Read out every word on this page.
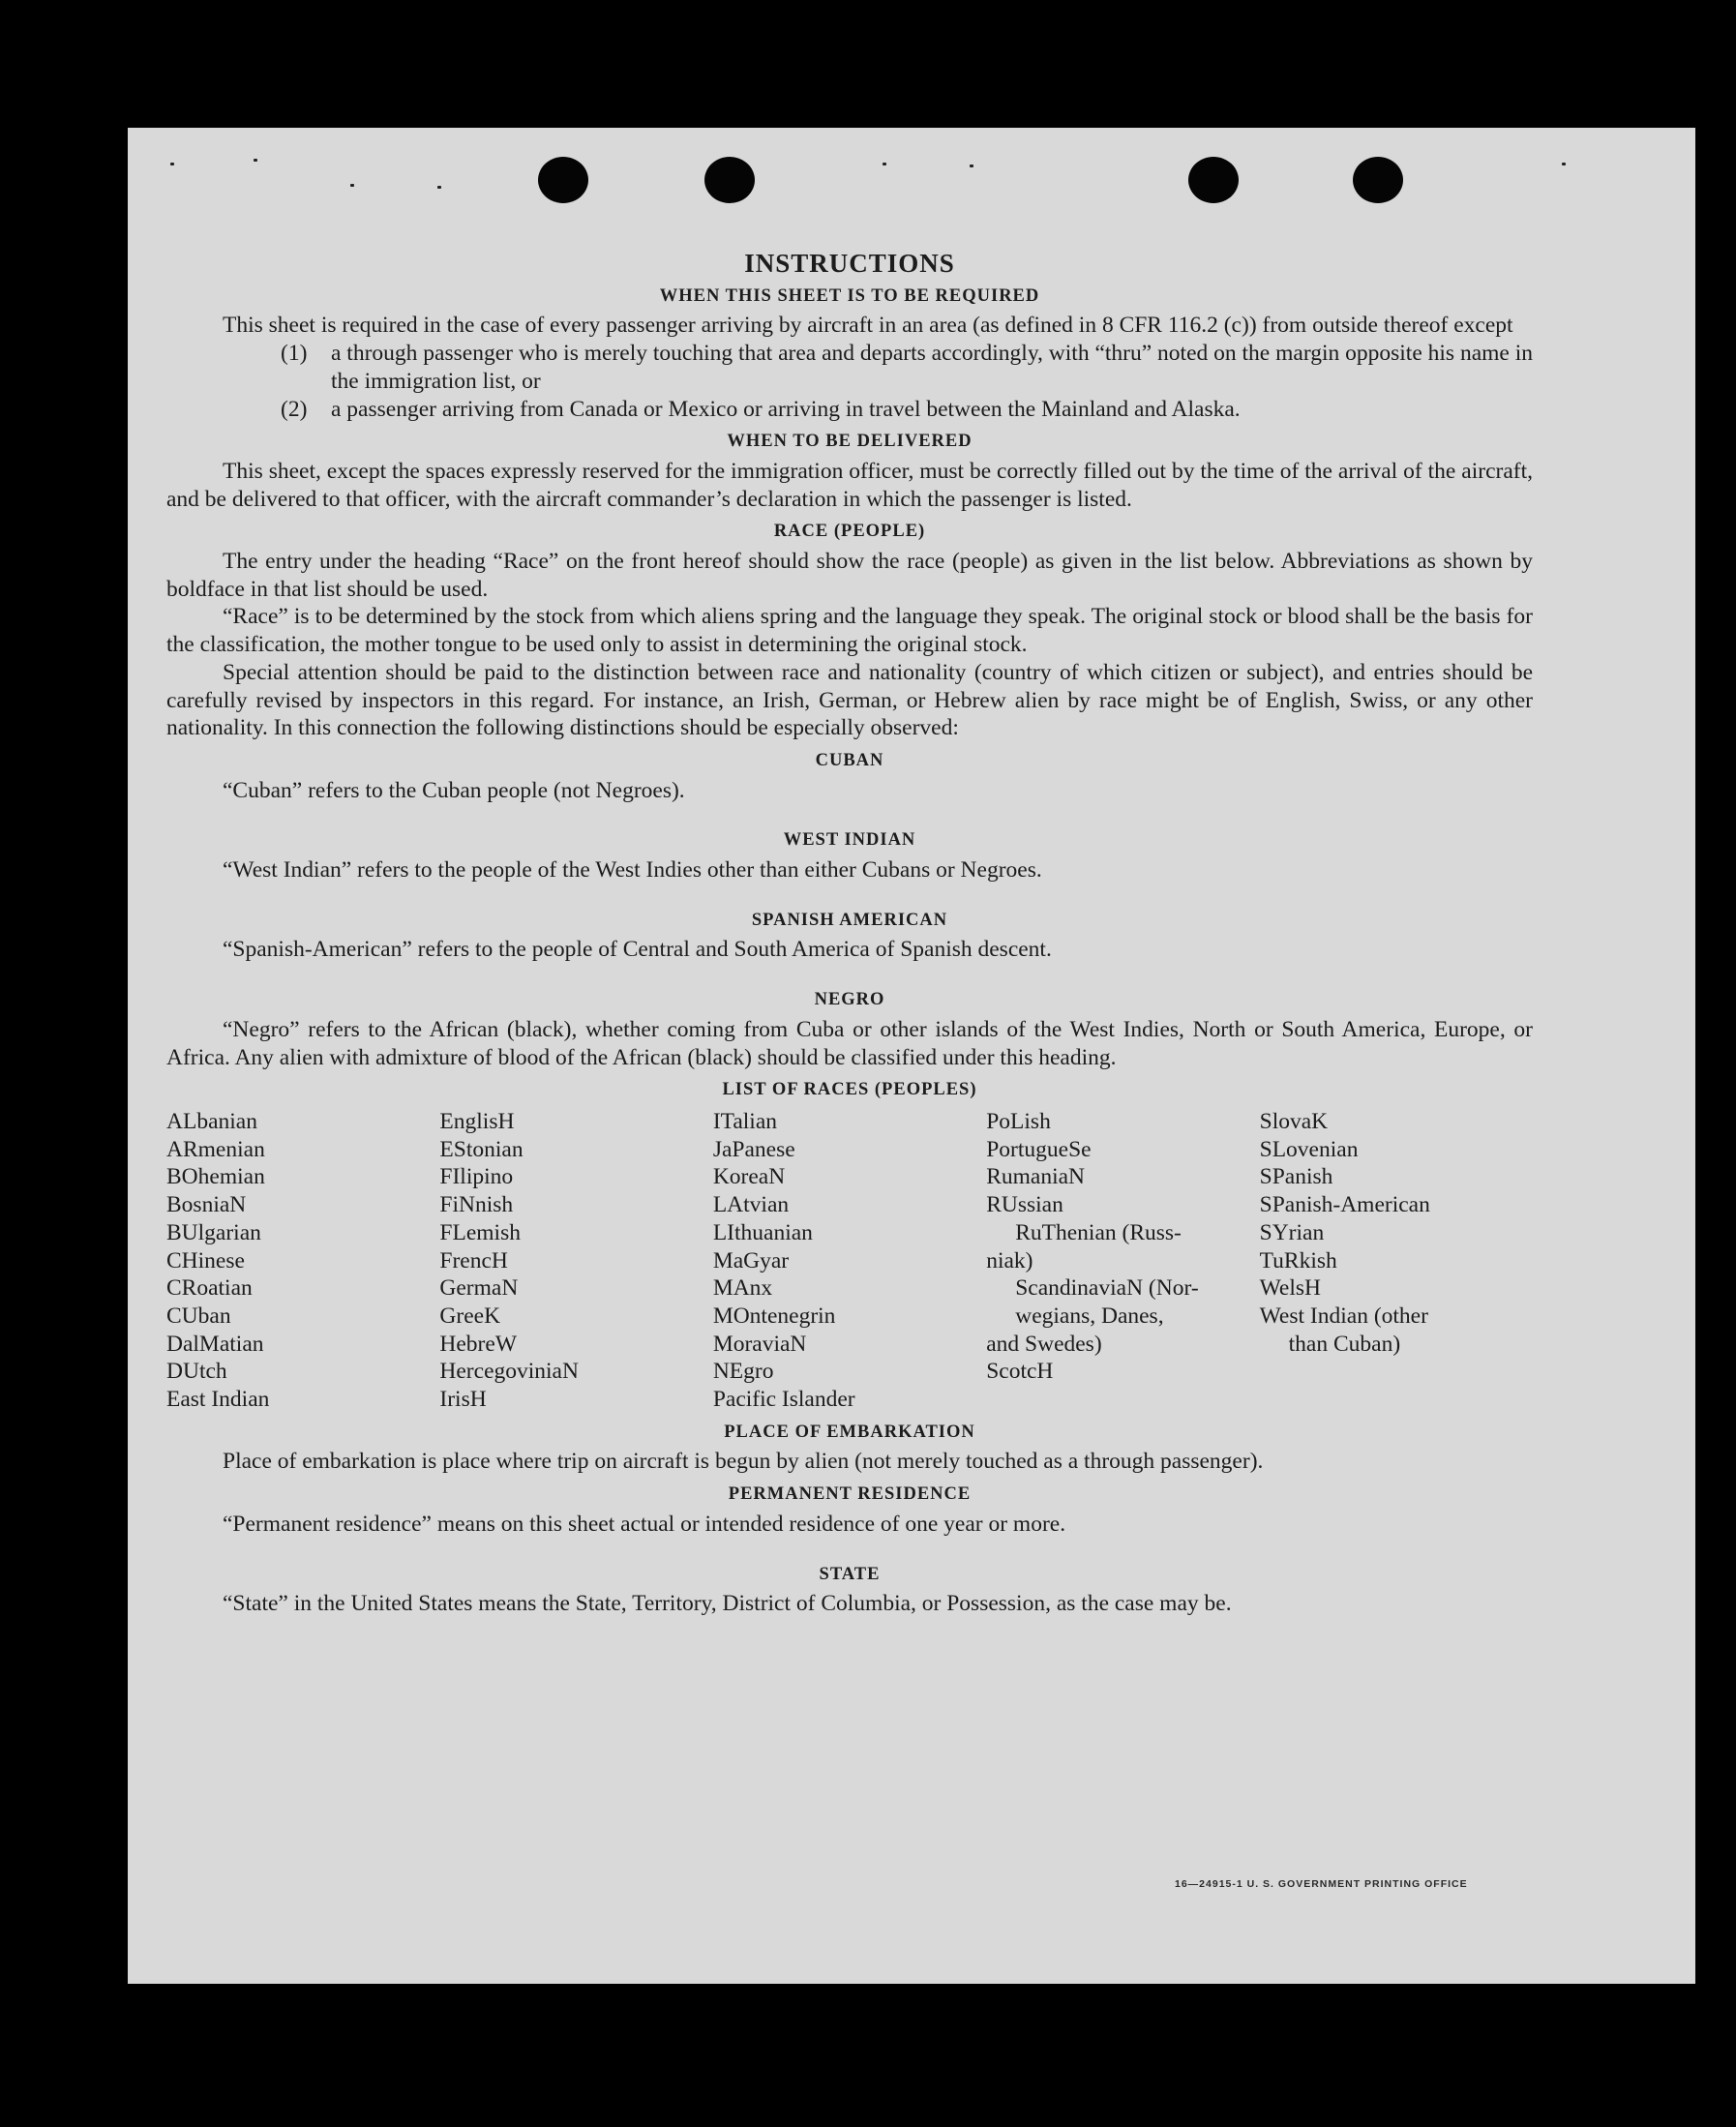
INSTRUCTIONS
WHEN THIS SHEET IS TO BE REQUIRED

This sheet is required in the case of every passenger arriving by aircraft in an area (as defined in 8 CFR 116.2 (c)) from outside thereof except

(1)	a through passenger who is merely touching that area and departs accordingly, with “thru” noted on the margin opposite his name in the immigration list, or
(2)	a passenger arriving from Canada or Mexico or arriving in travel between the Mainland and Alaska.
WHEN TO BE DELIVERED

This sheet, except the spaces expressly reserved for the immigration officer, must be correctly filled out by the time of the arrival of the aircraft, and be delivered to that officer, with the aircraft commander’s declaration in which the passenger is listed.

RACE (PEOPLE)

The entry under the heading “Race” on the front hereof should show the race (people) as given in the list below. Abbreviations as shown by boldface in that list should be used.

“Race” is to be determined by the stock from which aliens spring and the language they speak. The original stock or blood shall be the basis for the classification, the mother tongue to be used only to assist in determining the original stock.

Special attention should be paid to the distinction between race and nationality (country of which citizen or subject), and entries should be carefully revised by inspectors in this regard. For instance, an Irish, German, or Hebrew alien by race might be of English, Swiss, or any other nationality. In this connection the following distinctions should be especially observed:

CUBAN

“Cuban” refers to the Cuban people (not Negroes).

WEST INDIAN

“West Indian” refers to the people of the West Indies other than either Cubans or Negroes.

SPANISH AMERICAN

“Spanish-American” refers to the people of Central and South America of Spanish descent.

NEGRO

“Negro” refers to the African (black), whether coming from Cuba or other islands of the West Indies, North or South America, Europe, or Africa. Any alien with admixture of blood of the African (black) should be classified under this heading.

LIST OF RACES (PEOPLES)
ALbanian
ARmenian
BOhemian
BosniaN
BUlgarian
CHinese
CRoatian
CUban
DalMatian
DUtch
East Indian
EnglisH
EStonian
FIlipino
FiNnish
FLemish
FrencH
GermaN
GreeK
HebreW
HercegoviniaN
IrisH
ITalian
JaPanese
KoreaN
LAtvian
LIthuanian
MaGyar
MAnx
MOntenegrin
MoraviaN
NEgro
Pacific Islander
PoLish
PortugueSe
RumaniaN
RUssian
RuThenian (Russ-
niak)
ScandinaviaN (Nor-
wegians, Danes,
and Swedes)
ScotcH
SlovaK
SLovenian
SPanish
SPanish-American
SYrian
TuRkish
WelsH
West Indian (other
than Cuban)
PLACE OF EMBARKATION

Place of embarkation is place where trip on aircraft is begun by alien (not merely touched as a through passenger).

PERMANENT RESIDENCE

“Permanent residence” means on this sheet actual or intended residence of one year or more.

STATE

“State” in the United States means the State, Territory, District of Columbia, or Possession, as the case may be.

16—24915-1 U. S. GOVERNMENT PRINTING OFFICE
